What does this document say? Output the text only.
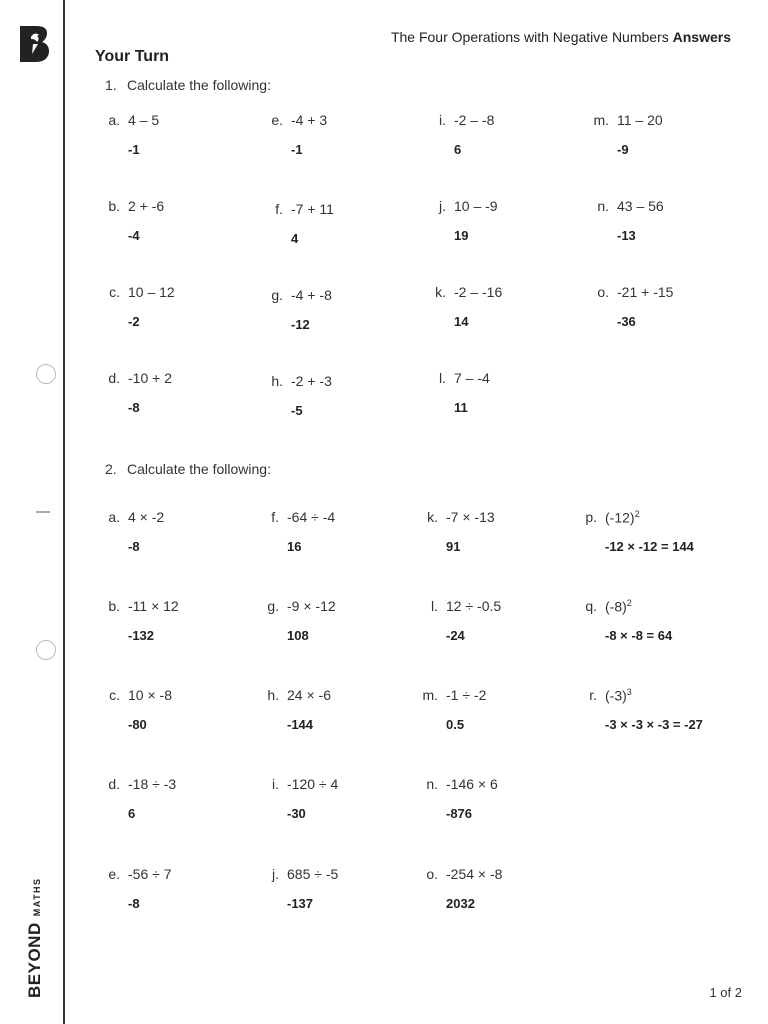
BEYONDMATHS
The Four Operations with Negative Numbers Answers
Your Turn
1. Calculate the following:
2. Calculate the following:
1 of 2
a. 4 – 5
-1
b. 2 + -6
-4
c. 10 – 12
-2
d. -10 + 2
-8
e. -4 + 3
-1
f. -7 + 11
4
g. -4 + -8
-12
h. -2 + -3
-5
i. -2 – -8
6
j. 10 – -9
19
k. -2 – -16
14
l. 7 – -4
11
m. 11 – 20
-9
n. 43 – 56
-13
o. -21 + -15
-36
a. 4 × -2
-8
b. -11 × 12
-132
c. 10 × -8
-80
d. -18 ÷ -3
6
e. -56 ÷ 7
-8
f. -64 ÷ -4
16
g. -9 × -12
108
h. 24 × -6
-144
i. -120 ÷ 4
-30
j. 685 ÷ -5
-137
k. -7 × -13
91
l. 12 ÷ -0.5
-24
m. -1 ÷ -2
0.5
n. -146 × 6
-876
o. -254 × -8
2032
p. $(-12)^2$
-12 × -12 = 144
q. $(-8)^2$
-8 × -8 = 64
r. $(-3)^3$
-3 × -3 × -3 = -27
